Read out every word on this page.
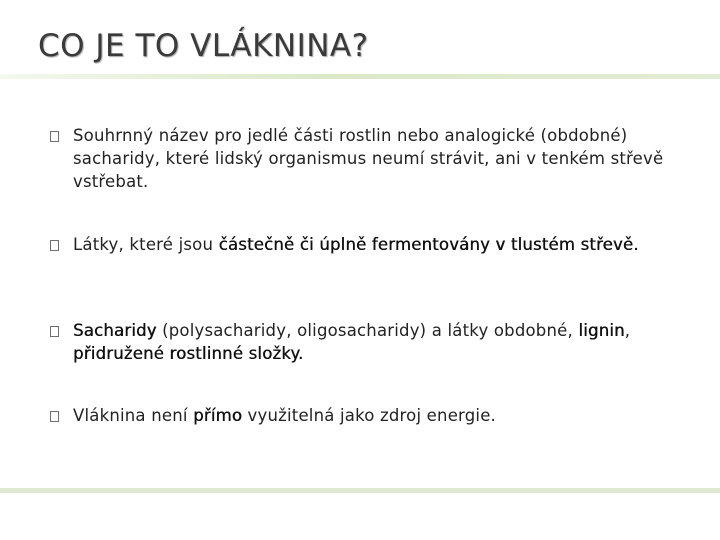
CO JE TO VLÁKNINA?
Souhrnný název pro jedlé části rostlin nebo analogické (obdobné) sacharidy, které lidský organismus neumí strávit, ani v tenkém střevě vstřebat.
Látky, které jsou částečně či úplně fermentovány v tlustém střevě.
Sacharidy (polysacharidy, oligosacharidy) a látky obdobné, lignin, přidružené rostlinné složky.
Vláknina není přímo využitelná jako zdroj energie.
